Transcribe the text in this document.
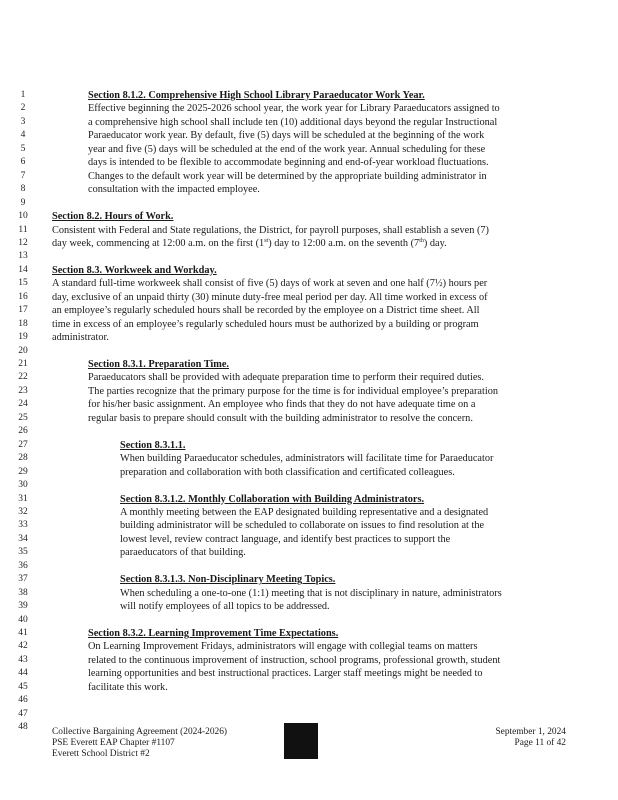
1	Section 8.1.2. Comprehensive High School Library Paraeducator Work Year.
2	Effective beginning the 2025-2026 school year, the work year for Library Paraeducators assigned to
3	a comprehensive high school shall include ten (10) additional days beyond the regular Instructional
4	Paraeducator work year. By default, five (5) days will be scheduled at the beginning of the work
5	year and five (5) days will be scheduled at the end of the work year. Annual scheduling for these
6	days is intended to be flexible to accommodate beginning and end-of-year workload fluctuations.
7	Changes to the default work year will be determined by the appropriate building administrator in
8	consultation with the impacted employee.
9
10	Section 8.2. Hours of Work.
11	Consistent with Federal and State regulations, the District, for payroll purposes, shall establish a seven (7)
12	day week, commencing at 12:00 a.m. on the first (1st) day to 12:00 a.m. on the seventh (7th) day.
13
14	Section 8.3. Workweek and Workday.
15	A standard full-time workweek shall consist of five (5) days of work at seven and one half (7½) hours per
16	day, exclusive of an unpaid thirty (30) minute duty-free meal period per day. All time worked in excess of
17	an employee’s regularly scheduled hours shall be recorded by the employee on a District time sheet. All
18	time in excess of an employee’s regularly scheduled hours must be authorized by a building or program
19	administrator.
20
21	Section 8.3.1. Preparation Time.
22	Paraeducators shall be provided with adequate preparation time to perform their required duties.
23	The parties recognize that the primary purpose for the time is for individual employee’s preparation
24	for his/her basic assignment. An employee who finds that they do not have adequate time on a
25	regular basis to prepare should consult with the building administrator to resolve the concern.
26
27	Section 8.3.1.1.
28	When building Paraeducator schedules, administrators will facilitate time for Paraeducator
29	preparation and collaboration with both classification and certificated colleagues.
30
31	Section 8.3.1.2. Monthly Collaboration with Building Administrators.
32	A monthly meeting between the EAP designated building representative and a designated
33	building administrator will be scheduled to collaborate on issues to find resolution at the
34	lowest level, review contract language, and identify best practices to support the
35	paraeducators of that building.
36
37	Section 8.3.1.3. Non-Disciplinary Meeting Topics.
38	When scheduling a one-to-one (1:1) meeting that is not disciplinary in nature, administrators
39	will notify employees of all topics to be addressed.
40
41	Section 8.3.2. Learning Improvement Time Expectations.
42	On Learning Improvement Fridays, administrators will engage with collegial teams on matters
43	related to the continuous improvement of instruction, school programs, professional growth, student
44	learning opportunities and best instructional practices. Larger staff meetings might be needed to
45	facilitate this work.
46
47
48	Collective Bargaining Agreement (2024-2026)
PSE Everett EAP Chapter #1107
Everett School District #2
September 1, 2024
Page 11 of 42
